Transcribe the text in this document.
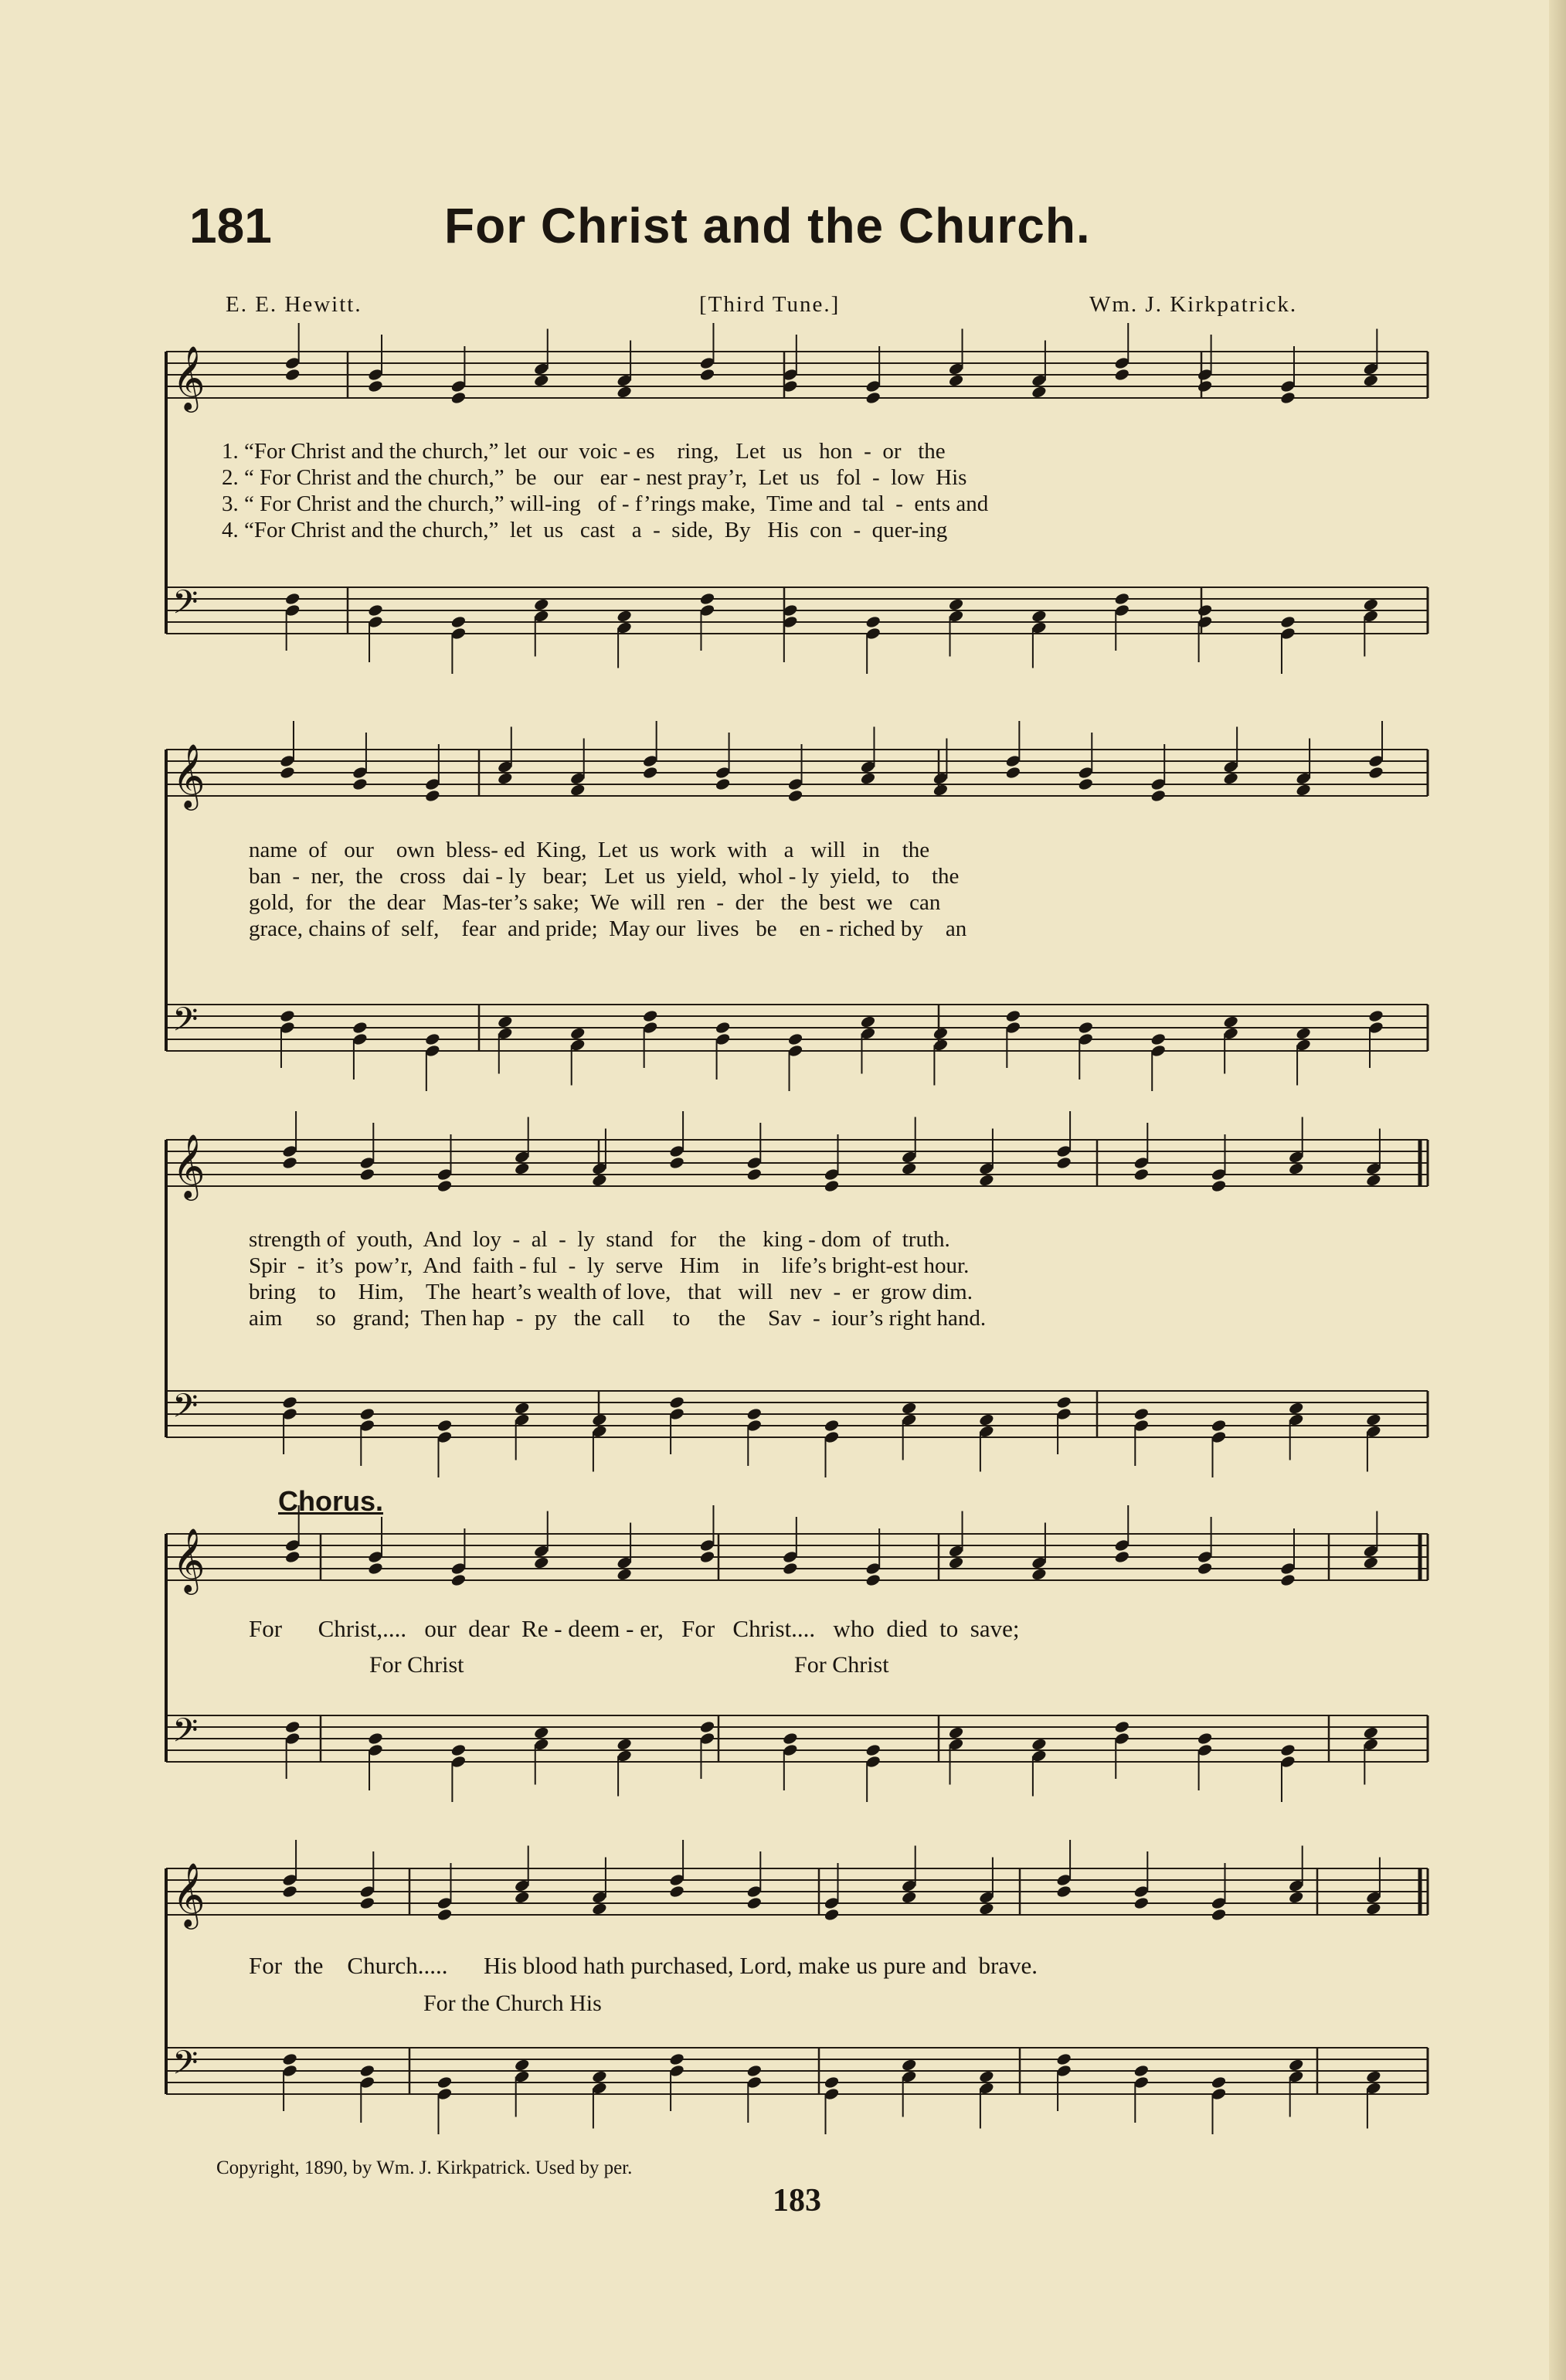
𝄞
𝄢
𝄞
𝄢
𝄞
𝄢
𝄞
𝄢
𝄞
𝄢
181	For Christ and the Church.
E. E. Hewitt.	[Third Tune.]	Wm. J. Kirkpatrick.
1. “For Christ and the church,” let  our  voic - es    ring,   Let   us   hon  -  or   the
2. “ For Christ and the church,”  be   our   ear - nest pray’r,  Let  us   fol  -  low  His
3. “ For Christ and the church,” will-ing   of - f’rings make,  Time and  tal  -  ents and
4. “For Christ and the church,”  let  us   cast   a  -  side,  By   His  con  -  quer-ing
name  of   our    own  bless- ed  King,  Let  us  work  with   a   will   in    the
ban  -  ner,  the   cross   dai - ly   bear;   Let  us  yield,  whol - ly  yield,  to    the
gold,  for   the  dear   Mas-ter’s sake;  We  will  ren  -  der   the  best  we   can
grace, chains of  self,    fear  and pride;  May our  lives   be    en - riched by    an
strength of  youth,  And  loy  -  al  -  ly  stand   for    the   king - dom  of  truth.
Spir  -  it’s  pow’r,  And  faith - ful  -  ly  serve   Him    in    life’s bright-est hour.
bring    to    Him,    The  heart’s wealth of love,   that   will   nev  -  er  grow dim.
aim      so   grand;  Then hap  -  py   the  call     to     the    Sav  -  iour’s right hand.
Chorus.
For      Christ,....   our  dear  Re - deem - er,   For   Christ....   who  died  to  save;
For Christ                                                         For Christ
For  the    Church.....      His blood hath purchased, Lord, make us pure and  brave.
For the Church His
Copyright, 1890, by Wm. J. Kirkpatrick. Used by per.
183
